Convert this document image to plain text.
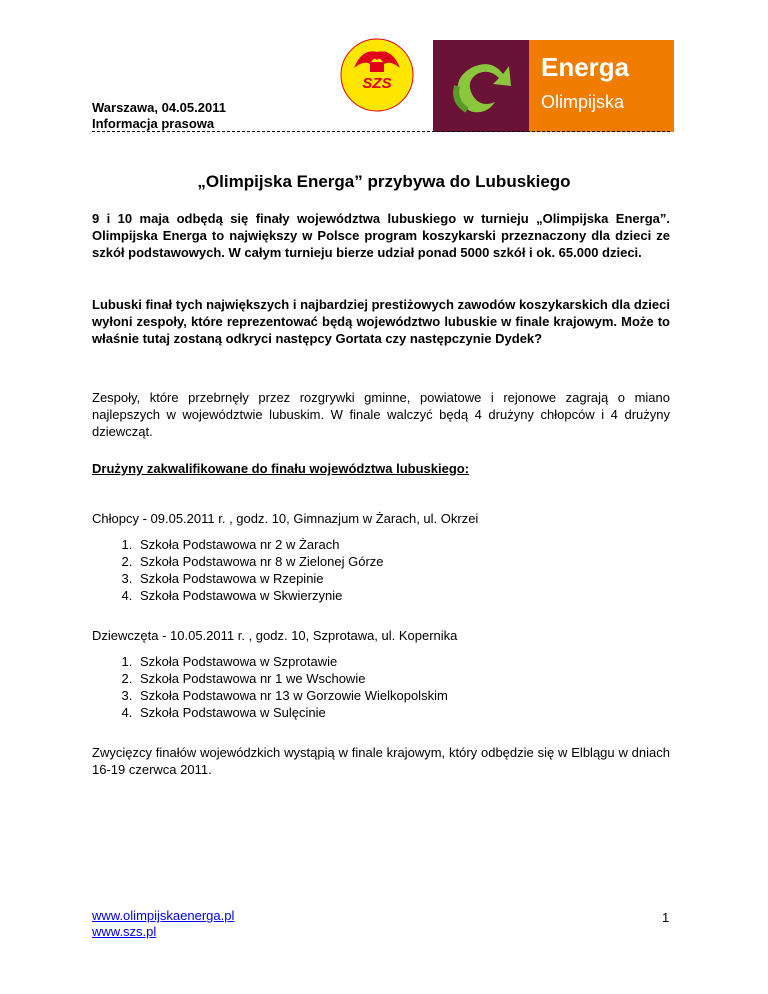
SZS
Energa
Olimpijska
Warszawa, 04.05.2011
Informacja prasowa
„Olimpijska Energa” przybywa do Lubuskiego
9 i 10 maja odbędą się finały województwa lubuskiego w turnieju „Olimpijska Energa”. Olimpijska Energa to największy w Polsce program koszykarski przeznaczony dla dzieci ze szkół podstawowych. W całym turnieju bierze udział ponad 5000 szkół i ok. 65.000 dzieci.
Lubuski finał tych największych i najbardziej prestiżowych zawodów koszykarskich dla dzieci wyłoni zespoły, które reprezentować będą województwo lubuskie w finale krajowym. Może to właśnie tutaj zostaną odkryci następcy Gortata czy następczynie Dydek?
Zespoły, które przebrnęły przez rozgrywki gminne, powiatowe i rejonowe zagrają o miano najlepszych w województwie lubuskim. W finale walczyć będą 4 drużyny chłopców i 4 drużyny dziewcząt.
Drużyny zakwalifikowane do finału województwa lubuskiego:
Chłopcy - 09.05.2011 r. , godz. 10, Gimnazjum w Żarach, ul. Okrzei
1. Szkoła Podstawowa nr 2 w Żarach
2. Szkoła Podstawowa nr 8 w Zielonej Górze
3. Szkoła Podstawowa w Rzepinie
4. Szkoła Podstawowa w Skwierzynie
Dziewczęta - 10.05.2011 r. , godz. 10, Szprotawa, ul. Kopernika
1. Szkoła Podstawowa w Szprotawie
2. Szkoła Podstawowa nr 1 we Wschowie
3. Szkoła Podstawowa nr 13 w Gorzowie Wielkopolskim
4. Szkoła Podstawowa w Sulęcinie
Zwycięzcy finałów wojewódzkich wystąpią w finale krajowym, który odbędzie się w Elblągu w dniach 16-19 czerwca 2011.
www.olimpijskaenerga.pl
www.szs.pl
1
